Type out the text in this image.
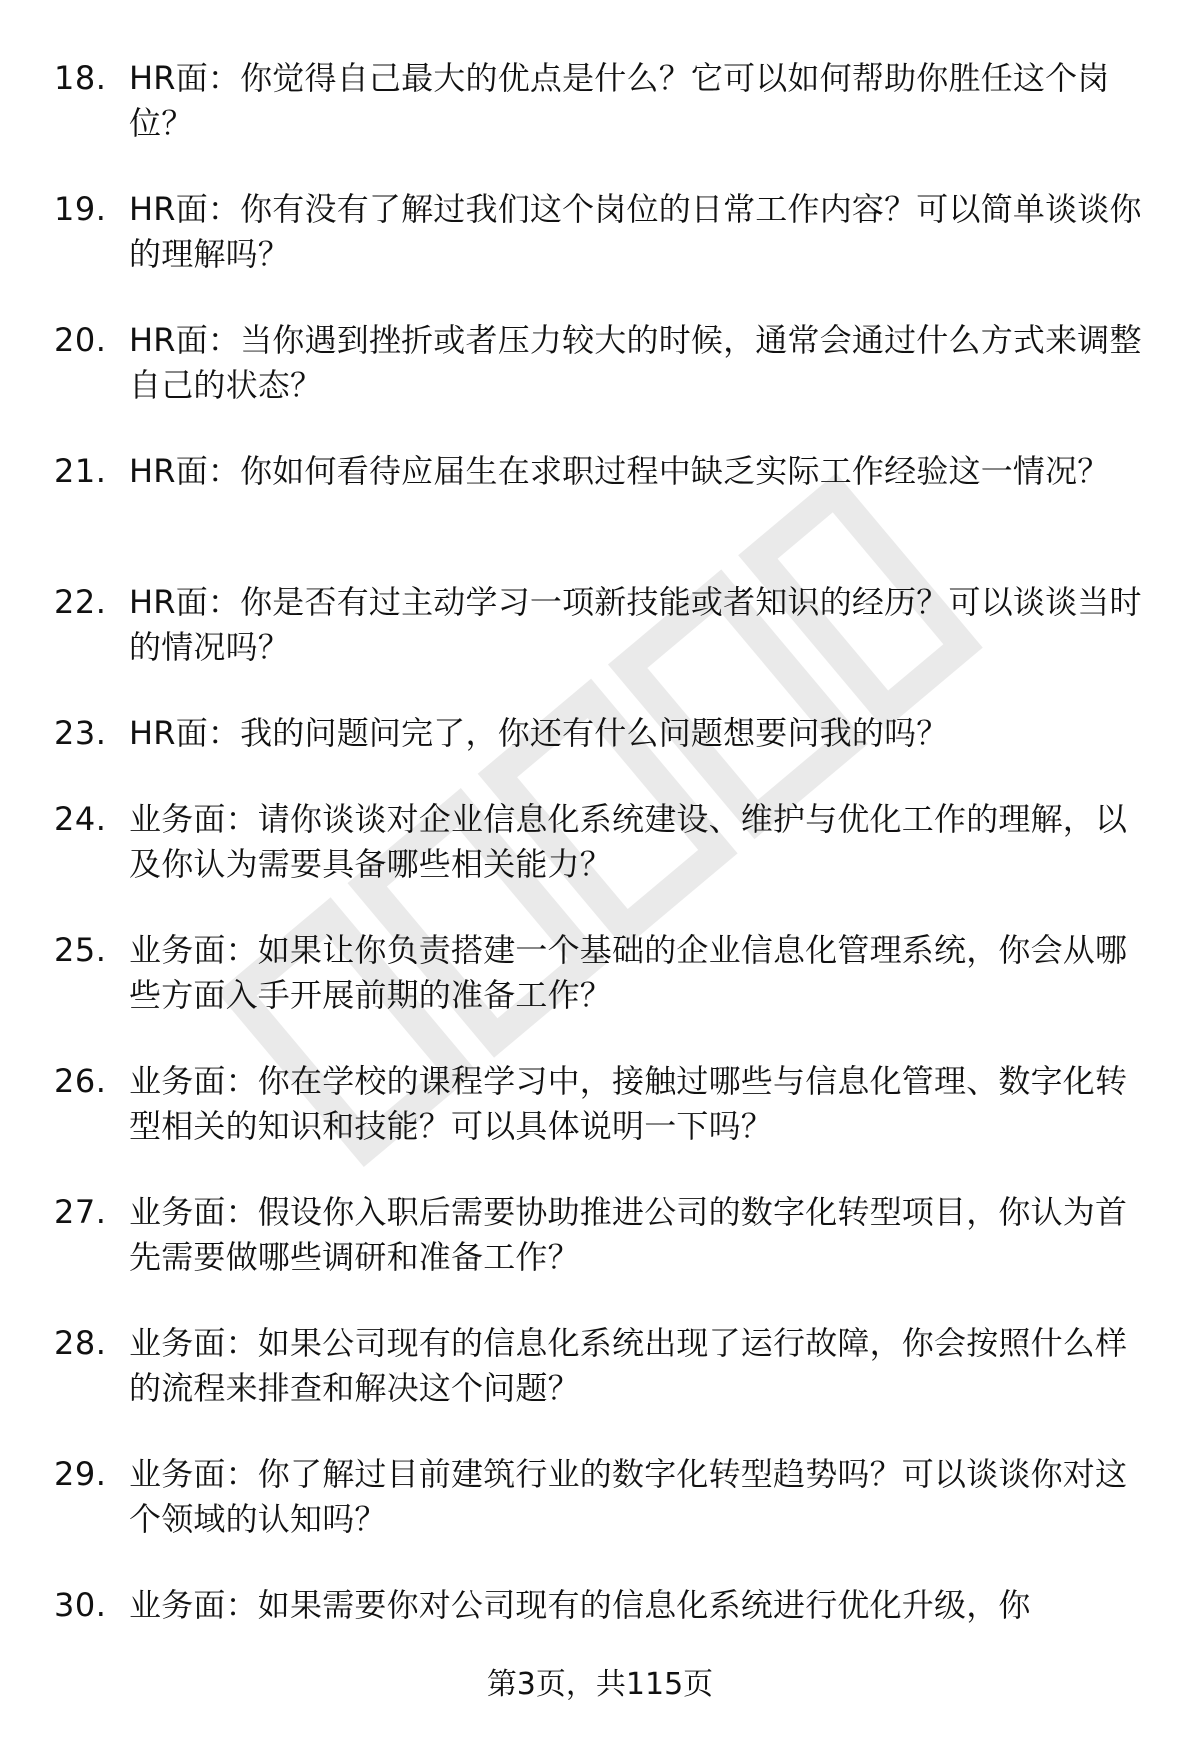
18. HR面：你觉得自己最大的优点是什么？它可以如何帮助你胜任这个岗位？
19. HR面：你有没有了解过我们这个岗位的日常工作内容？可以简单谈谈你的理解吗？
20. HR面：当你遇到挫折或者压力较大的时候，通常会通过什么方式来调整自己的状态？
21. HR面：你如何看待应届生在求职过程中缺乏实际工作经验这一情况？
22. HR面：你是否有过主动学习一项新技能或者知识的经历？可以谈谈当时的情况吗？
23. HR面：我的问题问完了，你还有什么问题想要问我的吗？
24. 业务面：请你谈谈对企业信息化系统建设、维护与优化工作的理解，以及你认为需要具备哪些相关能力？
25. 业务面：如果让你负责搭建一个基础的企业信息化管理系统，你会从哪些方面入手开展前期的准备工作？
26. 业务面：你在学校的课程学习中，接触过哪些与信息化管理、数字化转型相关的知识和技能？可以具体说明一下吗？
27. 业务面：假设你入职后需要协助推进公司的数字化转型项目，你认为首先需要做哪些调研和准备工作？
28. 业务面：如果公司现有的信息化系统出现了运行故障，你会按照什么样的流程来排查和解决这个问题？
29. 业务面：你了解过目前建筑行业的数字化转型趋势吗？可以谈谈你对这个领域的认知吗？
30. 业务面：如果需要你对公司现有的信息化系统进行优化升级，你
第3页，共115页
